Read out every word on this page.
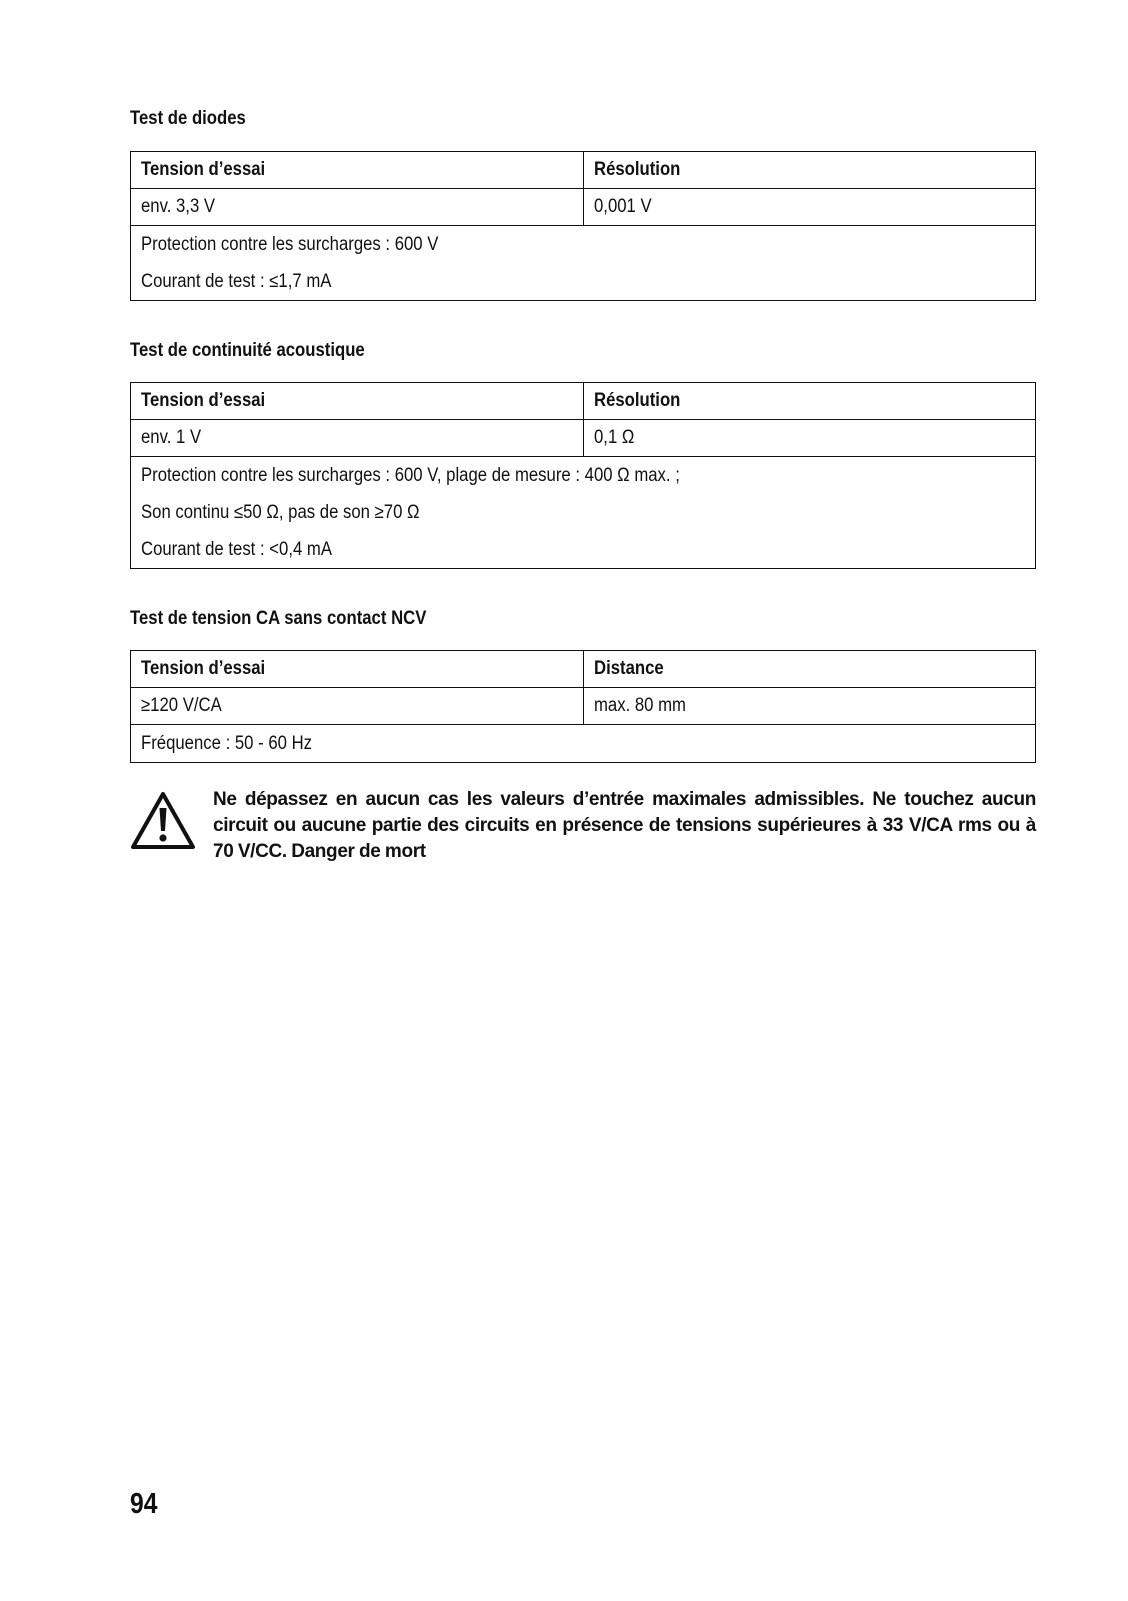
Test de diodes
Tension d’essai	Résolution
env. 3,3 V	0,001 V

Protection contre les surcharges : 600 V
Courant de test : ≤1,7 mA	
Test de continuité acoustique
Tension d’essai	Résolution
env. 1 V	0,1 Ω

Protection contre les surcharges : 600 V, plage de mesure : 400 Ω max. ;
Son continu ≤50 Ω, pas de son ≥70 Ω
Courant de test : <0,4 mA	
Test de tension CA sans contact NCV
Tension d’essai	Distance
≥120 V/CA	max. 80 mm

Fréquence : 50 - 60 Hz	
Ne dépassez en aucun cas les valeurs d’entrée maximales admissibles. Ne touchez aucun circuit ou aucune partie des circuits en présence de tensions supérieures à 33 V/CA rms ou à 70 V/CC. Danger de mort
94
